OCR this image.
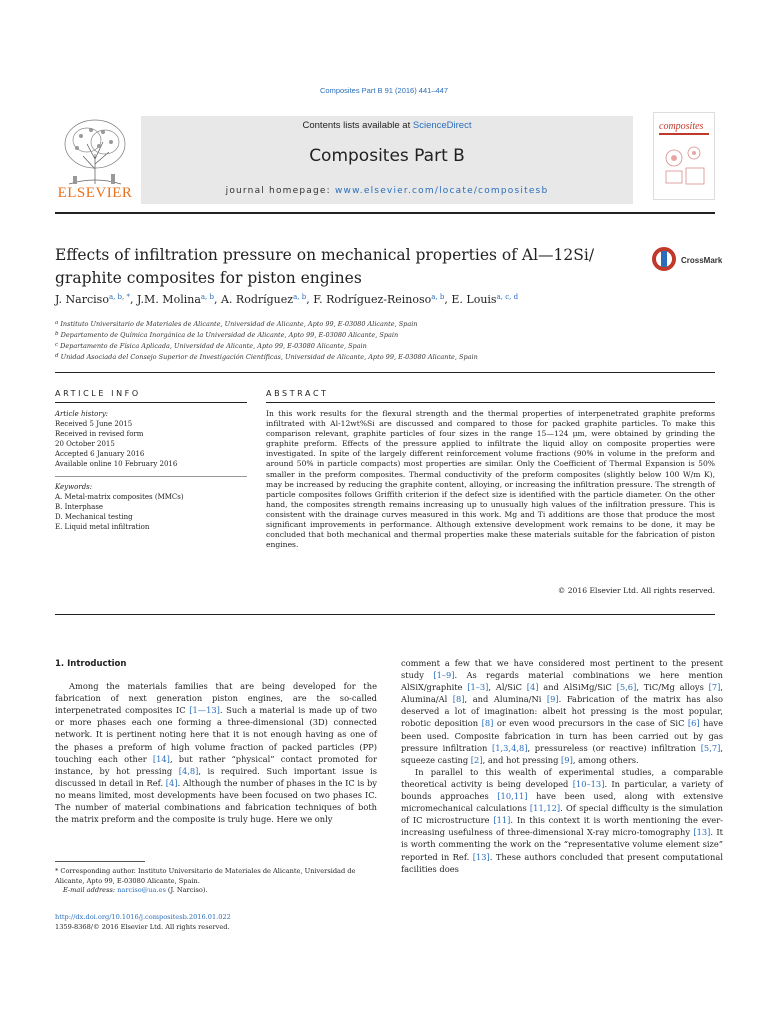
Composites Part B 91 (2016) 441–447
ELSEVIER
Contents lists available at ScienceDirect
Composites Part B
journal homepage: www.elsevier.com/locate/compositesb
composites
Effects of infiltration pressure on mechanical properties of Al—12Si/ graphite composites for piston engines
CrossMark
J. Narciso$^{a, b, *}$, J.M. Molina$^{a, b}$, A. Rodríguez$^{a, b}$, F. Rodríguez-Reinoso$^{a, b}$, E. Louis$^{a, c, d}$
$^a$ Instituto Universitario de Materiales de Alicante, Universidad de Alicante, Apto 99, E-03080 Alicante, Spain
$^b$ Departamento de Química Inorgánica de la Universidad de Alicante, Apto 99, E-03080 Alicante, Spain
$^c$ Departamento de Física Aplicada, Universidad de Alicante, Apto 99, E-03080 Alicante, Spain
$^d$ Unidad Asociada del Consejo Superior de Investigación Científicas, Universidad de Alicante, Apto 99, E-03080 Alicante, Spain
ARTICLE INFO	ABSTRACT
Article history:
Received 5 June 2015
Received in revised form
20 October 2015
Accepted 6 January 2016
Available online 10 February 2016
Keywords:
A. Metal-matrix composites (MMCs)
B. Interphase
D. Mechanical testing
E. Liquid metal infiltration
In this work results for the flexural strength and the thermal properties of interpenetrated graphite preforms infiltrated with Al-12wt%Si are discussed and compared to those for packed graphite particles. To make this comparison relevant, graphite particles of four sizes in the range 15—124 μm, were obtained by grinding the graphite preform. Effects of the pressure applied to infiltrate the liquid alloy on composite properties were investigated. In spite of the largely different reinforcement volume fractions (90% in volume in the preform and around 50% in particle compacts) most properties are similar. Only the Coefficient of Thermal Expansion is 50% smaller in the preform composites. Thermal conductivity of the preform composites (slightly below 100 W/m K), may be increased by reducing the graphite content, alloying, or increasing the infiltration pressure. The strength of particle composites follows Griffith criterion if the defect size is identified with the particle diameter. On the other hand, the composites strength remains increasing up to unusually high values of the infiltration pressure. This is consistent with the drainage curves measured in this work. Mg and Ti additions are those that produce the most significant improvements in performance. Although extensive development work remains to be done, it may be concluded that both mechanical and thermal properties make these materials suitable for the fabrication of piston engines.
© 2016 Elsevier Ltd. All rights reserved.
1. Introduction

Among the materials families that are being developed for the fabrication of next generation piston engines, are the so-called interpenetrated composites IC [1—13]. Such a material is made up of two or more phases each one forming a three-dimensional (3D) connected network. It is pertinent noting here that it is not enough having as one of the phases a preform of high volume fraction of packed particles (PP) touching each other [14], but rather “physical” contact promoted for instance, by hot pressing [4,8], is required. Such important issue is discussed in detail in Ref. [4]. Although the number of phases in the IC is by no means limited, most developments have been focused on two phases IC. The number of material combinations and fabrication techniques of both the matrix preform and the composite is truly huge. Here we only

comment a few that we have considered most pertinent to the present study [1–9]. As regards material combinations we here mention AlSiX/graphite [1–3], Al/SiC [4] and AlSiMg/SiC [5,6], TiC/Mg alloys [7], Alumina/Al [8], and Alumina/Ni [9]. Fabrication of the matrix has also deserved a lot of imagination: albeit hot pressing is the most popular, robotic deposition [8] or even wood precursors in the case of SiC [6] have been used. Composite fabrication in turn has been carried out by gas pressure infiltration [1,3,4,8], pressureless (or reactive) infiltration [5,7], squeeze casting [2], and hot pressing [9], among others.

In parallel to this wealth of experimental studies, a comparable theoretical activity is being developed [10–13]. In particular, a variety of bounds approaches [10,11] have been used, along with extensive micromechanical calculations [11,12]. Of special difficulty is the simulation of IC microstructure [11]. In this context it is worth mentioning the ever-increasing usefulness of three-dimensional X-ray micro-tomography [13]. It is worth commenting the work on the “representative volume element size” reported in Ref. [13]. These authors concluded that present computational facilities does

* Corresponding author. Instituto Universitario de Materiales de Alicante, Universidad de Alicante, Apto 99, E-03080 Alicante, Spain.
E-mail address: narciso@ua.es (J. Narciso).
http://dx.doi.org/10.1016/j.compositesb.2016.01.022
1359-8368/© 2016 Elsevier Ltd. All rights reserved.
